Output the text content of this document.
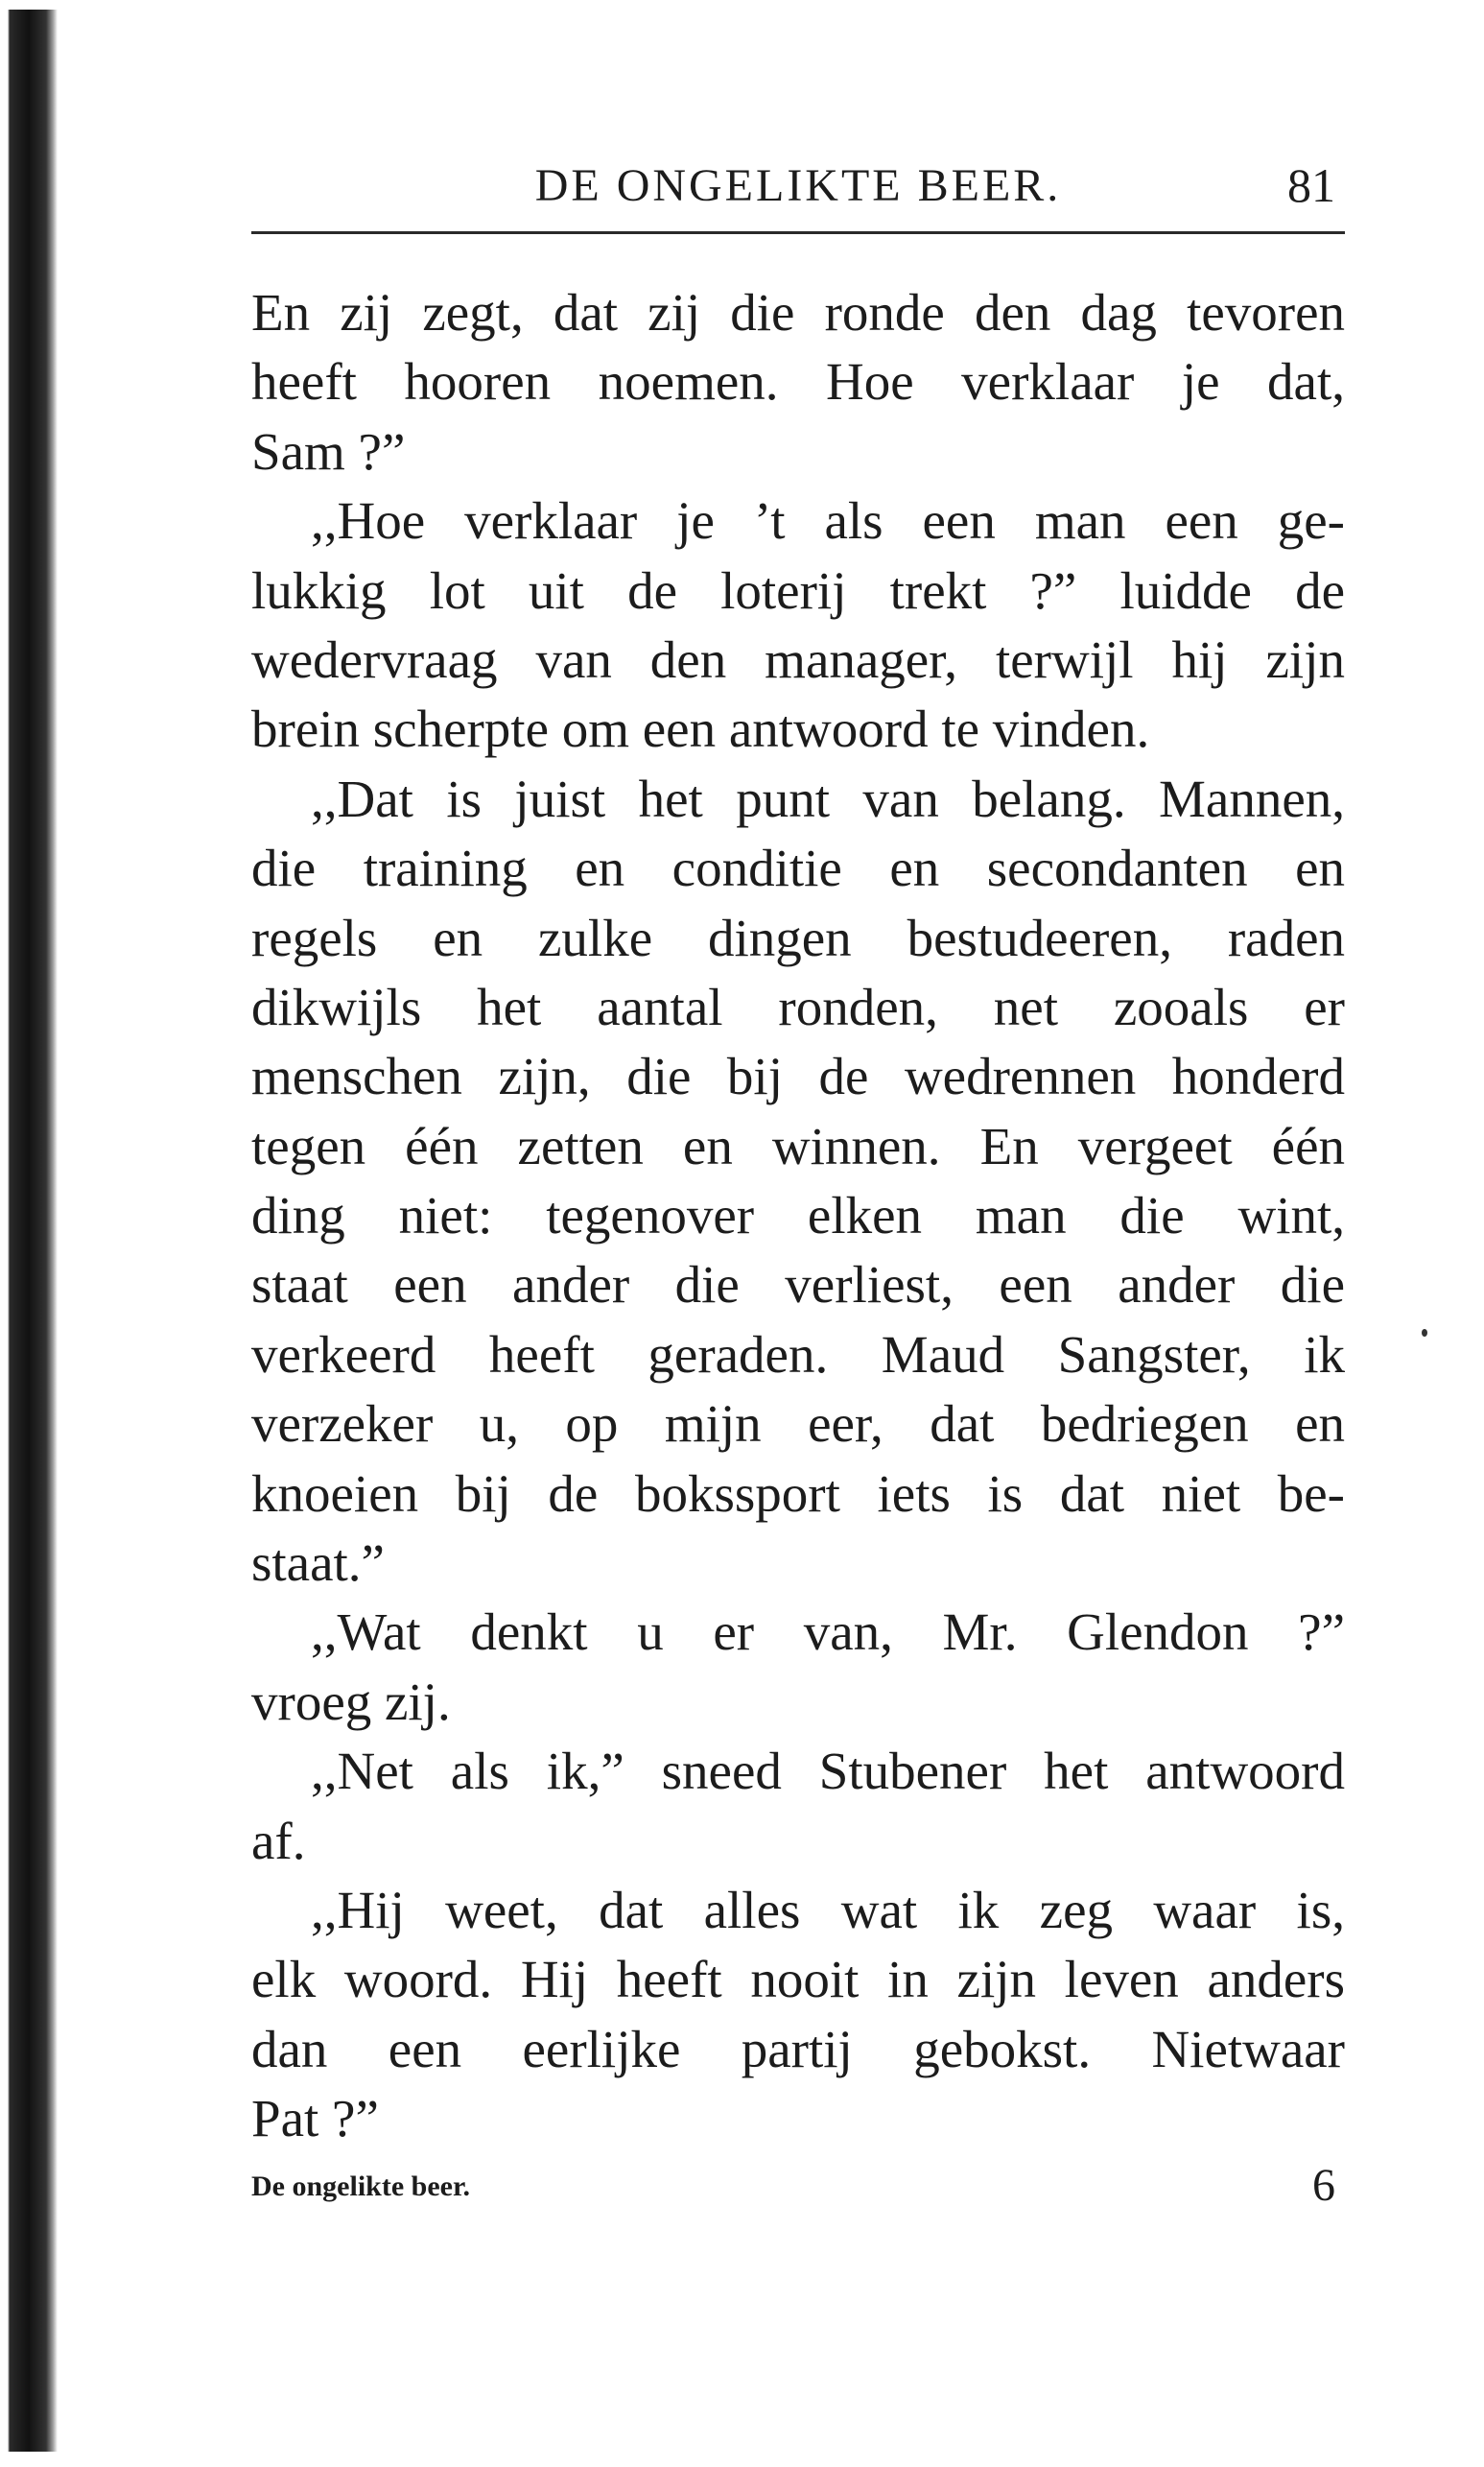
DE ONGELIKTE BEER.	81
En zij zegt, dat zij die ronde den dag tevoren
heeft hooren noemen. Hoe verklaar je dat,
Sam ?”
,,Hoe verklaar je ’t als een man een ge-
lukkig lot uit de loterij trekt ?” luidde de
wedervraag van den manager, terwijl hij zijn
brein scherpte om een antwoord te vinden.
,,Dat is juist het punt van belang. Mannen,
die training en conditie en secondanten en
regels en zulke dingen bestudeeren, raden
dikwijls het aantal ronden, net zooals er
menschen zijn, die bij de wedrennen honderd
tegen één zetten en winnen. En vergeet één
ding niet: tegenover elken man die wint,
staat een ander die verliest, een ander die
verkeerd heeft geraden. Maud Sangster, ik
verzeker u, op mijn eer, dat bedriegen en
knoeien bij de bokssport iets is dat niet be-
staat.”
,,Wat denkt u er van, Mr. Glendon ?”
vroeg zij.
,,Net als ik,” sneed Stubener het antwoord
af.
,,Hij weet, dat alles wat ik zeg waar is,
elk woord. Hij heeft nooit in zijn leven anders
dan een eerlijke partij gebokst. Nietwaar
Pat ?”
De ongelikte beer.	6
